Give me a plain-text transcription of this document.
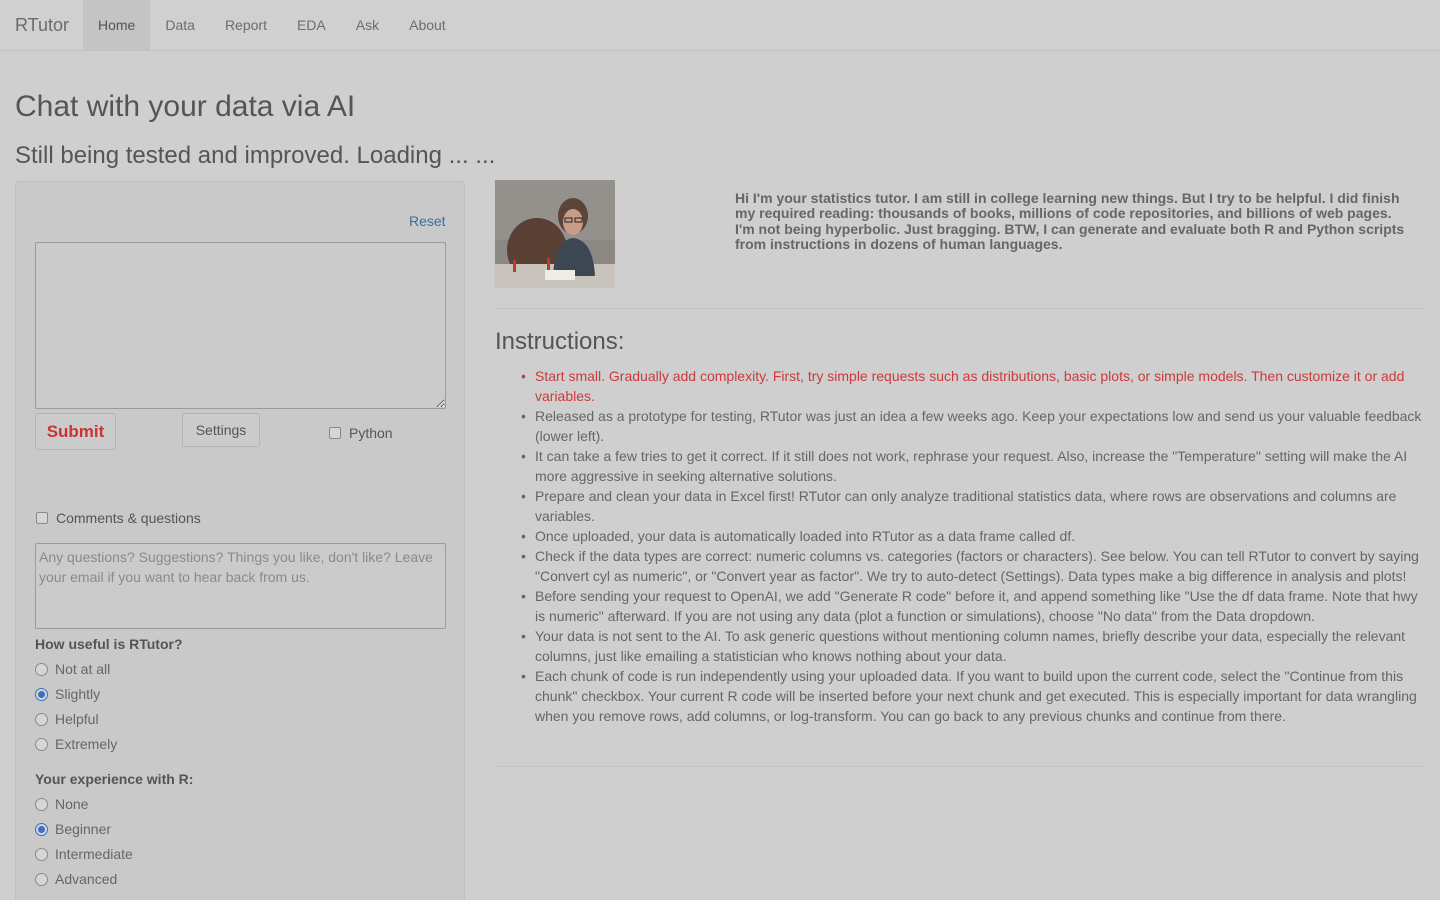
RTutor	Home	Data	Report	EDA	Ask	About
Chat with your data via AI
Still being tested and improved. Loading ... ...
Reset
Submit	Settings	Python
Comments & questions
Any questions? Suggestions? Things you like, don't like? Leave your email if you want to hear back from us.
How useful is RTutor?
Not at all
Slightly
Helpful
Extremely
Your experience with R:
None
Beginner
Intermediate
Advanced
Hi I'm your statistics tutor. I am still in college learning new things. But I try to be helpful. I did finish my required reading: thousands of books, millions of code repositories, and billions of web pages. I'm not being hyperbolic. Just bragging. BTW, I can generate and evaluate both R and Python scripts from instructions in dozens of human languages.
Instructions:
• Start small. Gradually add complexity. First, try simple requests such as distributions, basic plots, or simple models. Then customize it or add variables.
• Released as a prototype for testing, RTutor was just an idea a few weeks ago. Keep your expectations low and send us your valuable feedback (lower left).
• It can take a few tries to get it correct. If it still does not work, rephrase your request. Also, increase the "Temperature" setting will make the AI more aggressive in seeking alternative solutions.
• Prepare and clean your data in Excel first! RTutor can only analyze traditional statistics data, where rows are observations and columns are variables.
• Once uploaded, your data is automatically loaded into RTutor as a data frame called df.
• Check if the data types are correct: numeric columns vs. categories (factors or characters). See below. You can tell RTutor to convert by saying "Convert cyl as numeric", or "Convert year as factor". We try to auto-detect (Settings). Data types make a big difference in analysis and plots!
• Before sending your request to OpenAI, we add "Generate R code" before it, and append something like "Use the df data frame. Note that hwy is numeric" afterward. If you are not using any data (plot a function or simulations), choose "No data" from the Data dropdown.
• Your data is not sent to the AI. To ask generic questions without mentioning column names, briefly describe your data, especially the relevant columns, just like emailing a statistician who knows nothing about your data.
• Each chunk of code is run independently using your uploaded data. If you want to build upon the current code, select the "Continue from this chunk" checkbox. Your current R code will be inserted before your next chunk and get executed. This is especially important for data wrangling when you remove rows, add columns, or log-transform. You can go back to any previous chunks and continue from there.
